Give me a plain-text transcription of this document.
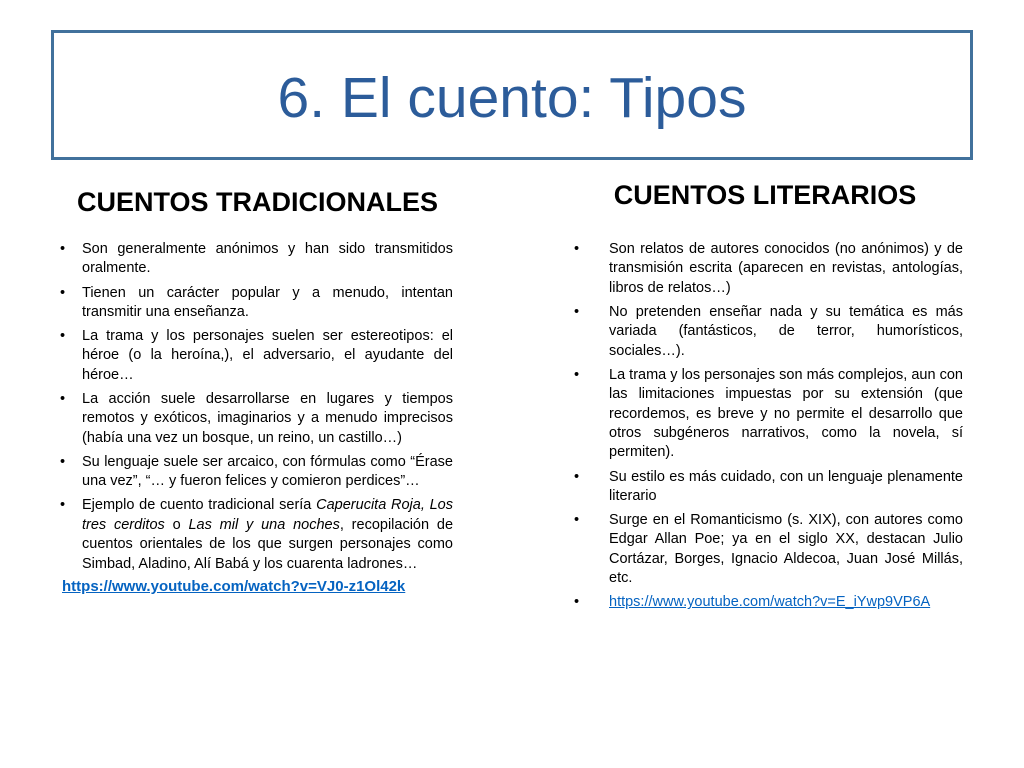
6. El cuento: Tipos
CUENTOS TRADICIONALES	CUENTOS LITERARIOS
• Son generalmente anónimos y han sido transmitidos oralmente.
• Tienen un carácter popular y a menudo, intentan transmitir una enseñanza.
• La trama y los personajes suelen ser estereotipos: el héroe (o la heroína,), el adversario, el ayudante del héroe…
• La acción suele desarrollarse en lugares y tiempos remotos y exóticos, imaginarios y a menudo imprecisos (había una vez un bosque, un reino, un castillo…)
• Su lenguaje suele ser arcaico, con fórmulas como “Érase una vez”, “… y fueron felices y comieron perdices”…
• Ejemplo de cuento tradicional sería Caperucita Roja, Los tres cerditos o Las mil y una noches, recopilación de cuentos orientales de los que surgen personajes como Simbad, Aladino, Alí Babá y los cuarenta ladrones…
https://www.youtube.com/watch?v=VJ0-z1Ol42k
• Son relatos de autores conocidos (no anónimos) y de transmisión escrita (aparecen en revistas, antologías, libros de relatos…)
• No pretenden enseñar nada y su temática es más variada (fantásticos, de terror, humorísticos, sociales…).
• La trama y los personajes son más complejos, aun con las limitaciones impuestas por su extensión (que recordemos, es breve y no permite el desarrollo que otros subgéneros narrativos, como la novela, sí permiten).
• Su estilo es más cuidado, con un lenguaje plenamente literario
• Surge en el Romanticismo (s. XIX), con autores como Edgar Allan Poe; ya en el siglo XX, destacan Julio Cortázar, Borges, Ignacio Aldecoa, Juan José Millás, etc.
• https://www.youtube.com/watch?v=E_iYwp9VP6A
